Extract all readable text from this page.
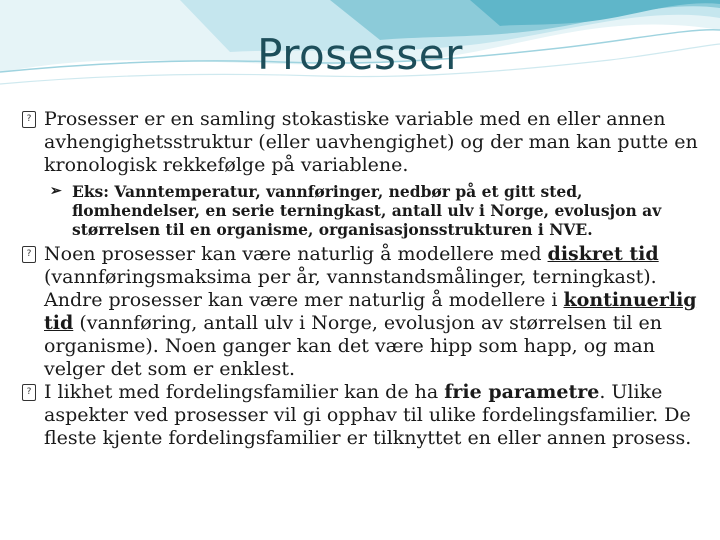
Prosesser
? Prosesser er en samling stokastiske variable med en eller annen avhengighetsstruktur (eller uavhengighet) og der man kan putte en kronologisk rekkefølge på variablene.
➢ Eks: Vanntemperatur, vannføringer, nedbør på et gitt sted, flomhendelser, en serie terningkast, antall ulv i Norge, evolusjon av størrelsen til en organisme, organisasjonsstrukturen i NVE.
? Noen prosesser kan være naturlig å modellere med diskret tid (vannføringsmaksima per år, vannstandsmålinger, terningkast). Andre prosesser kan være mer naturlig å modellere i kontinuerlig tid (vannføring, antall ulv i Norge, evolusjon av størrelsen til en organisme). Noen ganger kan det være hipp som happ, og man velger det som er enklest.
? I likhet med fordelingsfamilier kan de ha frie parametre. Ulike aspekter ved prosesser vil gi opphav til ulike fordelingsfamilier. De fleste kjente fordelingsfamilier er tilknyttet en eller annen prosess.
